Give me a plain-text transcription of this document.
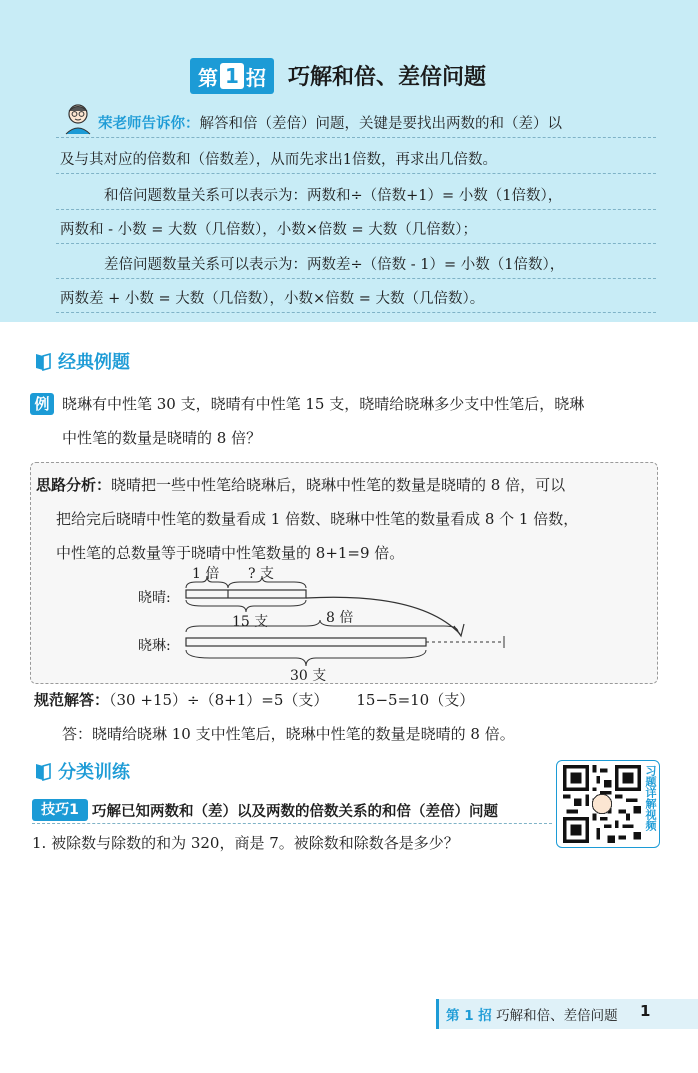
第 1 招 巧解和倍、差倍问题
荣老师告诉你：解答和倍（差倍）问题，关键是要找出两数的和（差）以
及与其对应的倍数和（倍数差），从而先求出1倍数，再求出几倍数。
和倍问题数量关系可以表示为：两数和÷（倍数+1）= 小数（1倍数），
两数和 - 小数 = 大数（几倍数），小数×倍数 = 大数（几倍数）；
差倍问题数量关系可以表示为：两数差÷（倍数 - 1）= 小数（1倍数），
两数差 + 小数 = 大数（几倍数），小数×倍数 = 大数（几倍数）。
经典例题
例 晓琳有中性笔 30 支，晓晴有中性笔 15 支，晓晴给晓琳多少支中性笔后，晓琳
中性笔的数量是晓晴的 8 倍？
思路分析：晓晴把一些中性笔给晓琳后，晓琳中性笔的数量是晓晴的 8 倍，可以
把给完后晓晴中性笔的数量看成 1 倍数、晓琳中性笔的数量看成 8 个 1 倍数，
中性笔的总数量等于晓晴中性笔数量的 8+1=9 倍。
晓晴:
晓琳:
1 倍 ? 支
15 支	8 倍
30 支
规范解答：（30 +15）÷（8+1）=5（支） 15−5=10（支）
答：晓晴给晓琳 10 支中性笔后，晓琳中性笔的数量是晓晴的 8 倍。
分类训练
技巧1 巧解已知两数和（差）以及两数的倍数关系的和倍（差倍）问题
1. 被除数与除数的和为 320，商是 7。被除数和除数各是多少？
习题详解视频
第 1 招 巧解和倍、差倍问题 1
